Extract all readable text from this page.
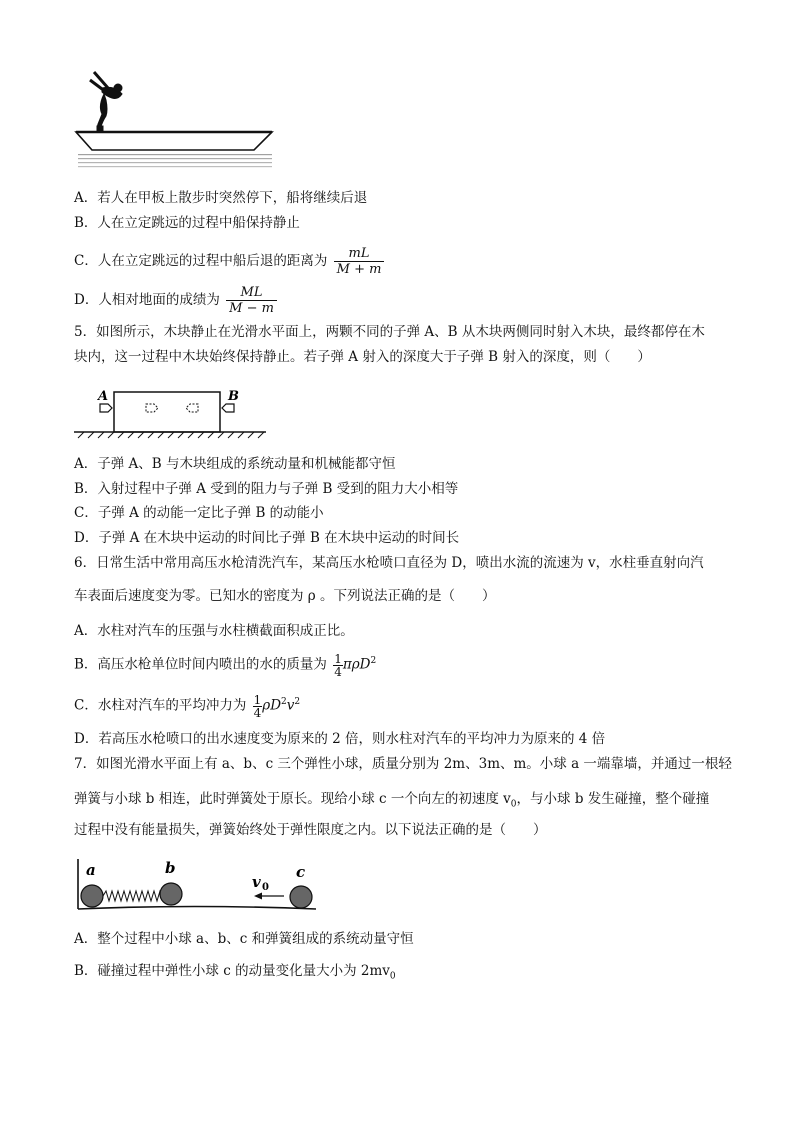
A．若人在甲板上散步时突然停下，船将继续后退
B．人在立定跳远的过程中船保持静止
C．人在立定跳远的过程中船后退的距离为 $\frac{mL}{M + m}$
D．人相对地面的成绩为 $\frac{ML}{M - m}$
5．如图所示，木块静止在光滑水平面上，两颗不同的子弹 A、B 从木块两侧同时射入木块，最终都停在木
块内，这一过程中木块始终保持静止。若子弹 A 射入的深度大于子弹 B 射入的深度，则（　　）
A	B
A．子弹 A、B 与木块组成的系统动量和机械能都守恒
B．入射过程中子弹 A 受到的阻力与子弹 B 受到的阻力大小相等
C．子弹 A 的动能一定比子弹 B 的动能小
D．子弹 A 在木块中运动的时间比子弹 B 在木块中运动的时间长
6．日常生活中常用高压水枪清洗汽车，某高压水枪喷口直径为 D，喷出水流的流速为 v，水柱垂直射向汽
车表面后速度变为零。已知水的密度为 ρ 。下列说法正确的是（　　）
A．水柱对汽车的压强与水柱横截面积成正比。
B．高压水枪单位时间内喷出的水的质量为 $\frac{1}{4} \pi\rho D^2$
C．水柱对汽车的平均冲力为 $\frac{1}{4} \rho D^2v^2$
D．若高压水枪喷口的出水速度变为原来的 2 倍，则水柱对汽车的平均冲力为原来的 4 倍
7．如图光滑水平面上有 a、b、c 三个弹性小球，质量分别为 2m、3m、m。小球 a 一端靠墙，并通过一根轻
弹簧与小球 b 相连，此时弹簧处于原长。现给小球 c 一个向左的初速度 $v_0$，与小球 b 发生碰撞，整个碰撞
过程中没有能量损失，弹簧始终处于弹性限度之内。以下说法正确的是（　　）
a	b	c
v 0
A．整个过程中小球 a、b、c 和弹簧组成的系统动量守恒
B．碰撞过程中弹性小球 c 的动量变化量大小为 $2mv_0$
